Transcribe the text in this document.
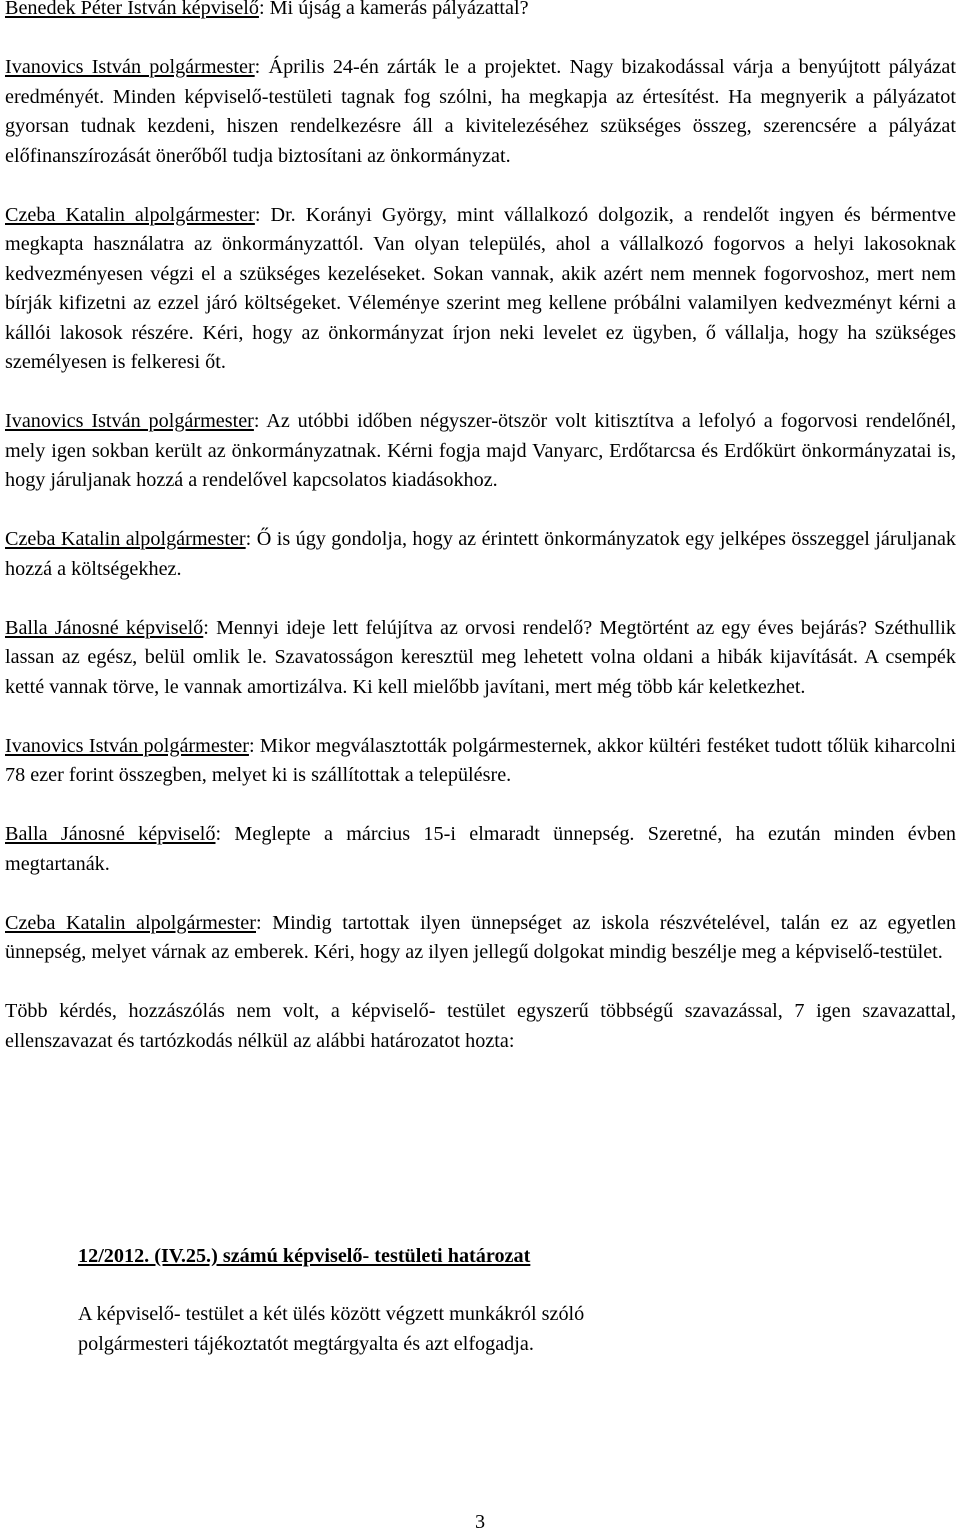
Benedek Péter István képviselő: Mi újság a kamerás pályázattal?

Ivanovics István polgármester: Április 24-én zárták le a projektet. Nagy bizakodással várja a benyújtott pályázat eredményét. Minden képviselő-testületi tagnak fog szólni, ha megkapja az értesítést. Ha megnyerik a pályázatot gyorsan tudnak kezdeni, hiszen rendelkezésre áll a kivitelezéséhez szükséges összeg, szerencsére a pályázat előfinanszírozását önerőből tudja biztosítani az önkormányzat.

Czeba Katalin alpolgármester: Dr. Korányi György, mint vállalkozó dolgozik, a rendelőt ingyen és bérmentve megkapta használatra az önkormányzattól. Van olyan település, ahol a vállalkozó fogorvos a helyi lakosoknak kedvezményesen végzi el a szükséges kezeléseket. Sokan vannak, akik azért nem mennek fogorvoshoz, mert nem bírják kifizetni az ezzel járó költségeket. Véleménye szerint meg kellene próbálni valamilyen kedvezményt kérni a kállói lakosok részére. Kéri, hogy az önkormányzat írjon neki levelet ez ügyben, ő vállalja, hogy ha szükséges személyesen is felkeresi őt.

Ivanovics István polgármester: Az utóbbi időben négyszer-ötször volt kitisztítva a lefolyó a fogorvosi rendelőnél, mely igen sokban került az önkormányzatnak. Kérni fogja majd Vanyarc, Erdőtarcsa és Erdőkürt önkormányzatai is, hogy járuljanak hozzá a rendelővel kapcsolatos kiadásokhoz.

Czeba Katalin alpolgármester: Ő is úgy gondolja, hogy az érintett önkormányzatok egy jelképes összeggel járuljanak hozzá a költségekhez.

Balla Jánosné képviselő: Mennyi ideje lett felújítva az orvosi rendelő? Megtörtént az egy éves bejárás? Széthullik lassan az egész, belül omlik le. Szavatosságon keresztül meg lehetett volna oldani a hibák kijavítását. A csempék ketté vannak törve, le vannak amortizálva. Ki kell mielőbb javítani, mert még több kár keletkezhet.

Ivanovics István polgármester: Mikor megválasztották polgármesternek, akkor kültéri festéket tudott tőlük kiharcolni 78 ezer forint összegben, melyet ki is szállítottak a településre.

Balla Jánosné képviselő: Meglepte a március 15-i elmaradt ünnepség. Szeretné, ha ezután minden évben megtartanák.

Czeba Katalin alpolgármester: Mindig tartottak ilyen ünnepséget az iskola részvételével, talán ez az egyetlen ünnepség, melyet várnak az emberek. Kéri, hogy az ilyen jellegű dolgokat mindig beszélje meg a képviselő-testület.

Több kérdés, hozzászólás nem volt, a képviselő- testület egyszerű többségű szavazással, 7 igen szavazattal, ellenszavazat és tartózkodás nélkül az alábbi határozatot hozta:

12/2012. (IV.25.) számú képviselő- testületi határozat

A képviselő- testület a két ülés között végzett munkákról szóló
polgármesteri tájékoztatót megtárgyalta és azt elfogadja.
3
